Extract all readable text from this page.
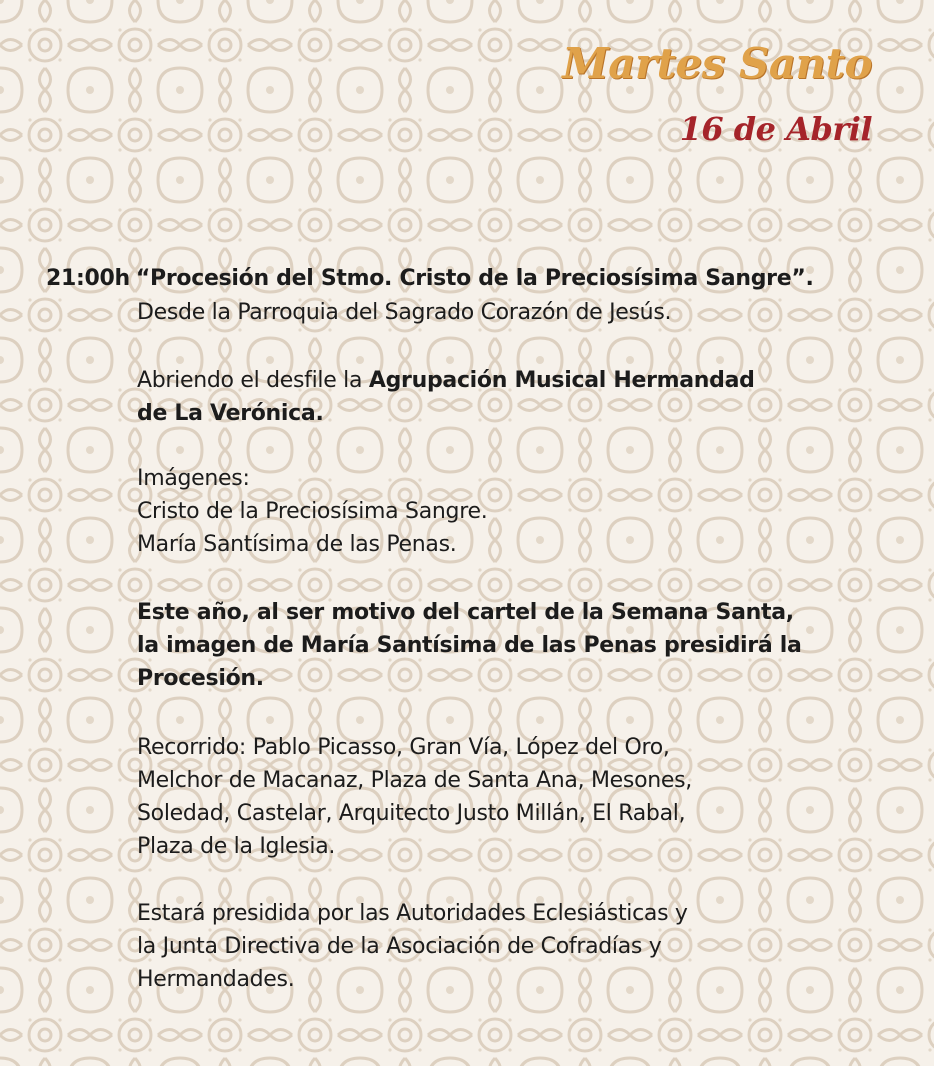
Martes Santo
16 de Abril
21:00h “Procesión del Stmo. Cristo de la Preciosísima Sangre”.
Desde la Parroquia del Sagrado Corazón de Jesús.
Abriendo el desfile la Agrupación Musical Hermandad
de La Verónica.
Imágenes:
Cristo de la Preciosísima Sangre.
María Santísima de las Penas.
Este año, al ser motivo del cartel de la Semana Santa,
la imagen de María Santísima de las Penas presidirá la
Procesión.
Recorrido: Pablo Picasso, Gran Vía, López del Oro,
Melchor de Macanaz, Plaza de Santa Ana, Mesones,
Soledad, Castelar, Arquitecto Justo Millán, El Rabal,
Plaza de la Iglesia.
Estará presidida por las Autoridades Eclesiásticas y
la Junta Directiva de la Asociación de Cofradías y
Hermandades.
